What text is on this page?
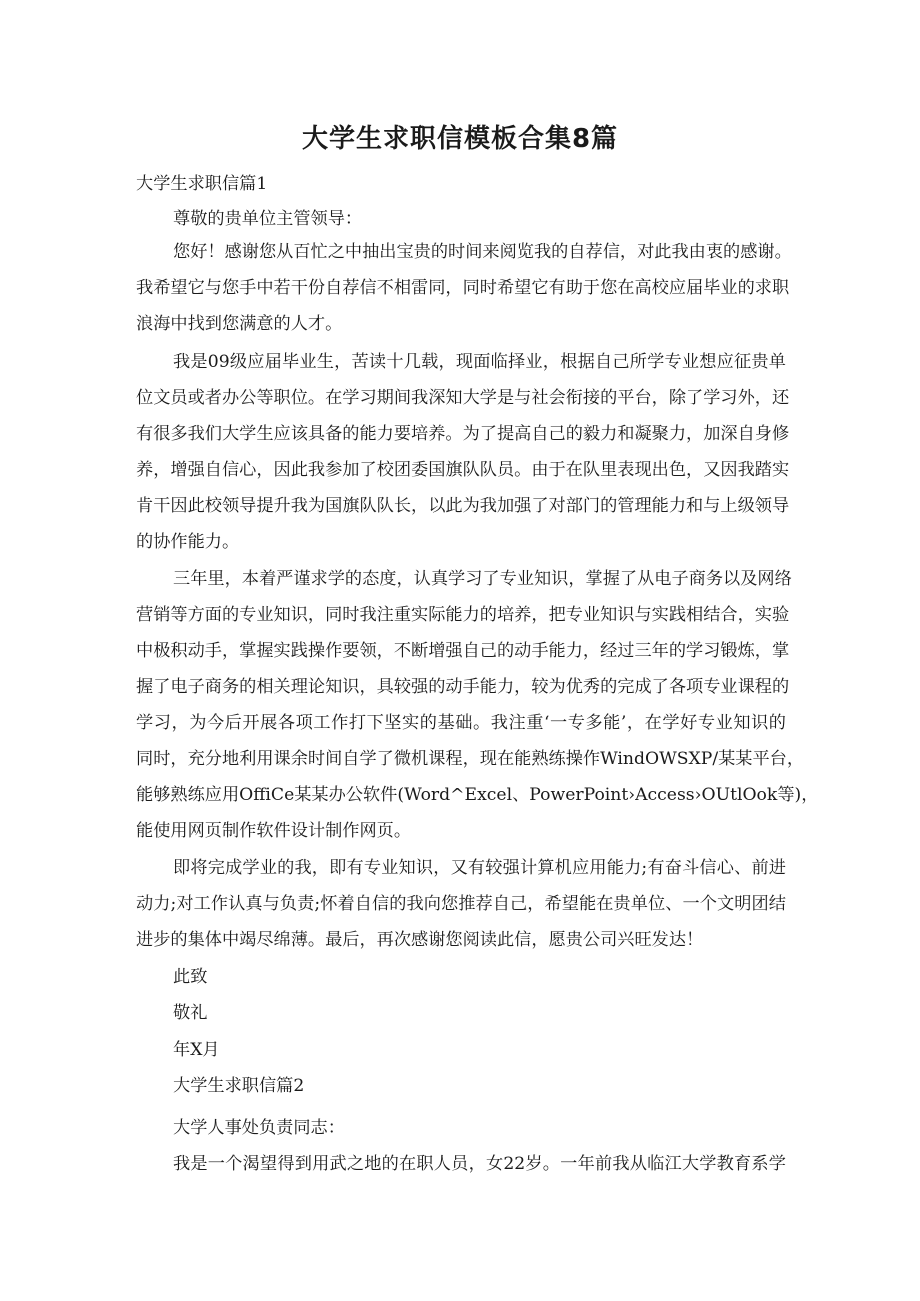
大学生求职信模板合集8篇
大学生求职信篇1
尊敬的贵单位主管领导：
您好！感谢您从百忙之中抽出宝贵的时间来阅览我的自荐信，对此我由衷的感谢。
我希望它与您手中若干份自荐信不相雷同，同时希望它有助于您在高校应届毕业的求职
浪海中找到您满意的人才。
我是09级应届毕业生，苦读十几载，现面临择业，根据自己所学专业想应征贵单
位文员或者办公等职位。在学习期间我深知大学是与社会衔接的平台，除了学习外，还
有很多我们大学生应该具备的能力要培养。为了提高自己的毅力和凝聚力，加深自身修
养，增强自信心，因此我参加了校团委国旗队队员。由于在队里表现出色，又因我踏实
肯干因此校领导提升我为国旗队队长，以此为我加强了对部门的管理能力和与上级领导
的协作能力。
三年里，本着严谨求学的态度，认真学习了专业知识，掌握了从电子商务以及网络
营销等方面的专业知识，同时我注重实际能力的培养，把专业知识与实践相结合，实验
中极积动手，掌握实践操作要领，不断增强自己的动手能力，经过三年的学习锻炼，掌
握了电子商务的相关理论知识，具较强的动手能力，较为优秀的完成了各项专业课程的
学习，为今后开展各项工作打下坚实的基础。我注重‘一专多能’，在学好专业知识的
同时，充分地利用课余时间自学了微机课程，现在能熟练操作WindOWSXP/某某平台，
能够熟练应用OffiCe某某办公软件(Word^Excel、PowerPoint›Access›OUtlOok等)，
能使用网页制作软件设计制作网页。
即将完成学业的我，即有专业知识，又有较强计算机应用能力;有奋斗信心、前进
动力;对工作认真与负责;怀着自信的我向您推荐自己，希望能在贵单位、一个文明团结
进步的集体中竭尽绵薄。最后，再次感谢您阅读此信，愿贵公司兴旺发达！
此致
敬礼
年X月
大学生求职信篇2
大学人事处负责同志：
我是一个渴望得到用武之地的在职人员，女22岁。一年前我从临江大学教育系学
